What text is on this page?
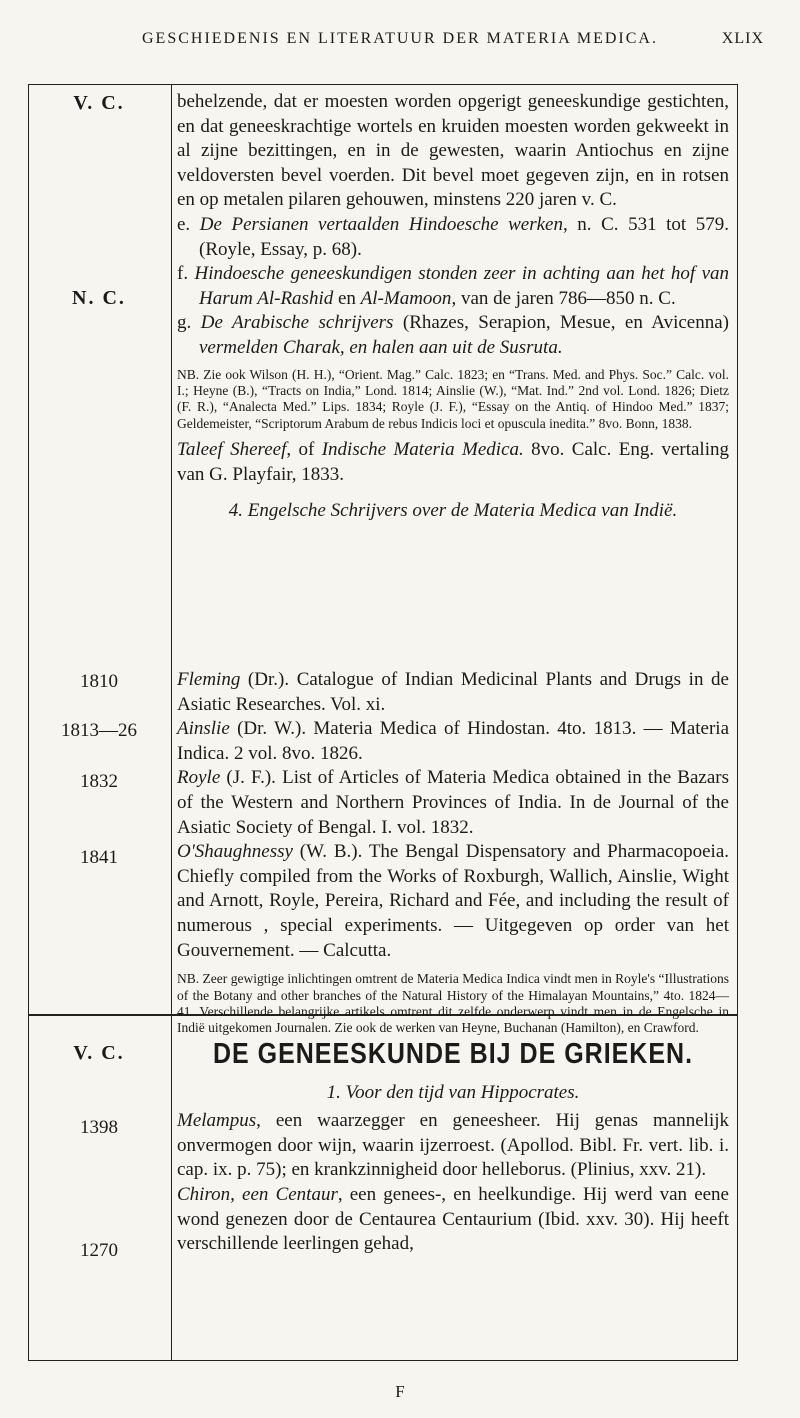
GESCHIEDENIS EN LITERATUUR DER MATERIA MEDICA.	XLIX
V. C.
N. C.
1810
1813—26
1832
1841
V. C.
1398
1270

behelzende, dat er moesten worden opgerigt geneeskundige gestichten, en dat geneeskrachtige wortels en kruiden moesten worden gekweekt in al zijne bezittingen, en in de gewesten, waarin Antiochus en zijne veldoversten bevel voerden. Dit bevel moet gegeven zijn, en in rotsen en op metalen pilaren gehouwen, minstens 220 jaren v. C.

e. De Persianen vertaalden Hindoesche werken, n. C. 531 tot 579. (Royle, Essay, p. 68).

f. Hindoesche geneeskundigen stonden zeer in achting aan het hof van Harum Al-Rashid en Al-Mamoon, van de jaren 786—850 n. C.

g. De Arabische schrijvers (Rhazes, Serapion, Mesue, en Avicenna) vermelden Charak, en halen aan uit de Susruta.

NB. Zie ook Wilson (H. H.), “Orient. Mag.” Calc. 1823; en “Trans. Med. and Phys. Soc.” Calc. vol. I.; Heyne (B.), “Tracts on India,” Lond. 1814; Ainslie (W.), “Mat. Ind.” 2nd vol. Lond. 1826; Dietz (F. R.), “Analecta Med.” Lips. 1834; Royle (J. F.), “Essay on the Antiq. of Hindoo Med.” 1837; Geldemeister, “Scriptorum Arabum de rebus Indicis loci et opuscula inedita.” 8vo. Bonn, 1838.

Taleef Shereef, of Indische Materia Medica. 8vo. Calc. Eng. vertaling van G. Playfair, 1833.

4. Engelsche Schrijvers over de Materia Medica van Indië.

Fleming (Dr.). Catalogue of Indian Medicinal Plants and Drugs in de Asiatic Researches. Vol. xi.

Ainslie (Dr. W.). Materia Medica of Hindostan. 4to. 1813. — Materia Indica. 2 vol. 8vo. 1826.

Royle (J. F.). List of Articles of Materia Medica obtained in the Bazars of the Western and Northern Provinces of India. In de Journal of the Asiatic Society of Bengal. I. vol. 1832.

O'Shaughnessy (W. B.). The Bengal Dispensatory and Pharmacopoeia. Chiefly compiled from the Works of Roxburgh, Wallich, Ainslie, Wight and Arnott, Royle, Pereira, Richard and Fée, and including the result of numerous , special experiments. — Uitgegeven op order van het Gouvernement. — Calcutta.

NB. Zeer gewigtige inlichtingen omtrent de Materia Medica Indica vindt men in Royle's “Illustrations of the Botany and other branches of the Natural History of the Himalayan Mountains,” 4to. 1824—41. Verschillende belangrijke artikels omtrent dit zelfde onderwerp vindt men in de Engelsche in Indië uitgekomen Journalen. Zie ook de werken van Heyne, Buchanan (Hamilton), en Crawford.

DE GENEESKUNDE BIJ DE GRIEKEN.

1. Voor den tijd van Hippocrates.

Melampus, een waarzegger en geneesheer. Hij genas mannelijk onvermogen door wijn, waarin ijzerroest. (Apollod. Bibl. Fr. vert. lib. i. cap. ix. p. 75); en krankzinnigheid door helleborus. (Plinius, xxv. 21).

Chiron, een Centaur, een genees-, en heelkundige. Hij werd van eene wond genezen door de Centaurea Centaurium (Ibid. xxv. 30). Hij heeft verschillende leerlingen gehad,

F
